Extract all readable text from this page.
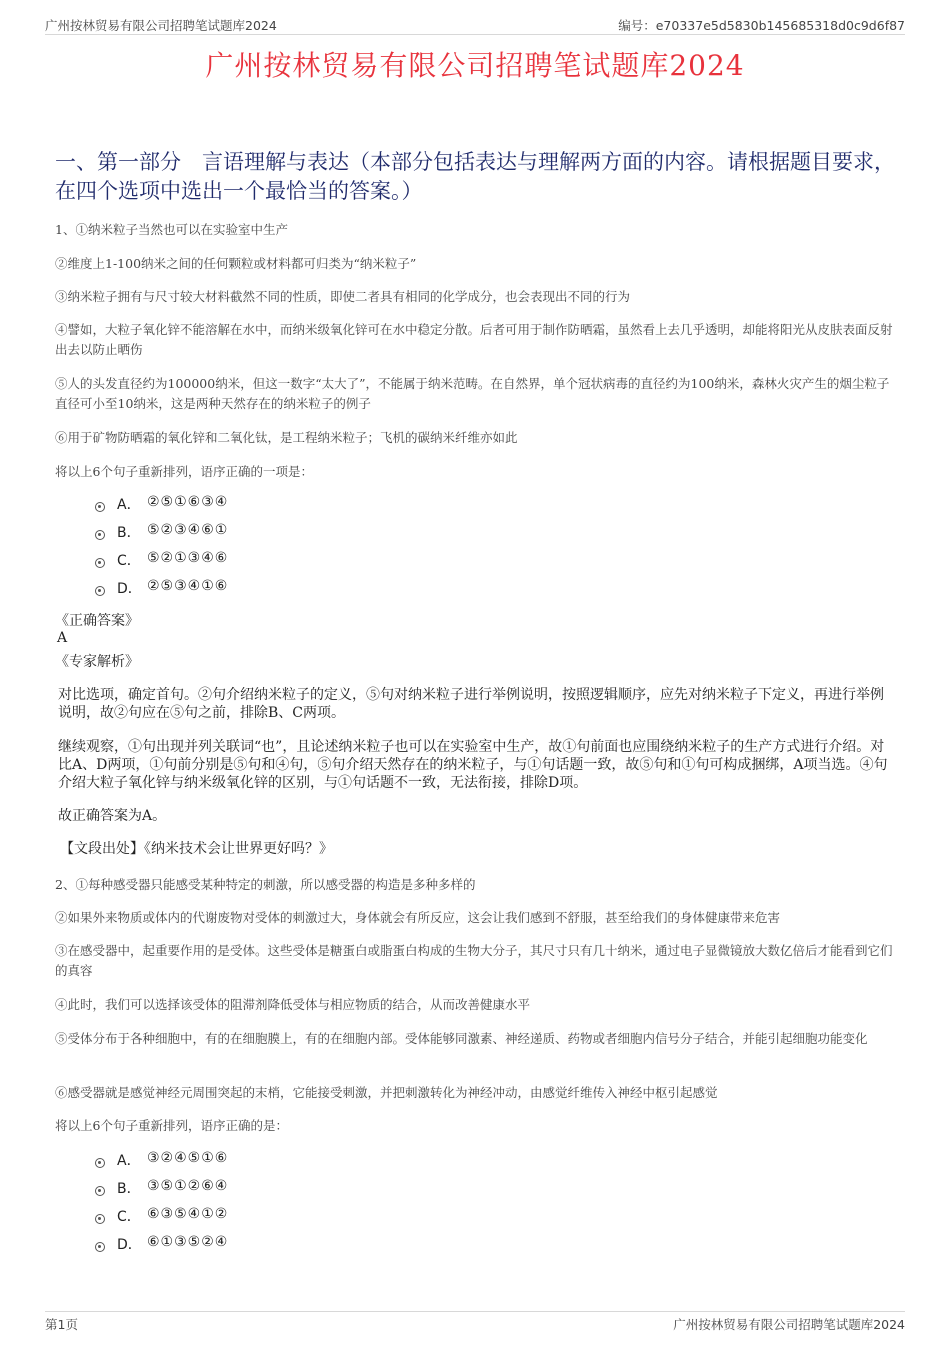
广州按林贸易有限公司招聘笔试题库2024	编号：e70337e5d5830b145685318d0c9d6f87
广州按林贸易有限公司招聘笔试题库2024
一、第一部分　言语理解与表达（本部分包括表达与理解两方面的内容。请根据题目要求，在四个选项中选出一个最恰当的答案。）
1、①纳米粒子当然也可以在实验室中生产
②维度上1-100纳米之间的任何颗粒或材料都可归类为“纳米粒子”
③纳米粒子拥有与尺寸较大材料截然不同的性质，即使二者具有相同的化学成分，也会表现出不同的行为
④譬如，大粒子氧化锌不能溶解在水中，而纳米级氧化锌可在水中稳定分散。后者可用于制作防晒霜，虽然看上去几乎透明，却能将阳光从皮肤表面反射出去以防止晒伤
⑤人的头发直径约为100000纳米，但这一数字“太大了”，不能属于纳米范畴。在自然界，单个冠状病毒的直径约为100纳米，森林火灾产生的烟尘粒子直径可小至10纳米，这是两种天然存在的纳米粒子的例子
⑥用于矿物防晒霜的氧化锌和二氧化钛，是工程纳米粒子；飞机的碳纳米纤维亦如此
将以上6个句子重新排列，语序正确的一项是：
A． ②⑤①⑥③④
B． ⑤②③④⑥①
C． ⑤②①③④⑥
D． ②⑤③④①⑥
《正确答案》
A
《专家解析》
对比选项，确定首句。②句介绍纳米粒子的定义，⑤句对纳米粒子进行举例说明，按照逻辑顺序，应先对纳米粒子下定义，再进行举例说明，故②句应在⑤句之前，排除B、C两项。
继续观察，①句出现并列关联词“也”，且论述纳米粒子也可以在实验室中生产，故①句前面也应围绕纳米粒子的生产方式进行介绍。对比A、D两项，①句前分别是⑤句和④句，⑤句介绍天然存在的纳米粒子，与①句话题一致，故⑤句和①句可构成捆绑，A项当选。④句介绍大粒子氧化锌与纳米级氧化锌的区别，与①句话题不一致，无法衔接，排除D项。
故正确答案为A。
【文段出处】《纳米技术会让世界更好吗？》
2、①每种感受器只能感受某种特定的刺激，所以感受器的构造是多种多样的
②如果外来物质或体内的代谢废物对受体的刺激过大，身体就会有所反应，这会让我们感到不舒服，甚至给我们的身体健康带来危害
③在感受器中，起重要作用的是受体。这些受体是糖蛋白或脂蛋白构成的生物大分子，其尺寸只有几十纳米，通过电子显微镜放大数亿倍后才能看到它们的真容
④此时，我们可以选择该受体的阻滞剂降低受体与相应物质的结合，从而改善健康水平
⑤受体分布于各种细胞中，有的在细胞膜上，有的在细胞内部。受体能够同激素、神经递质、药物或者细胞内信号分子结合，并能引起细胞功能变化
⑥感受器就是感觉神经元周围突起的末梢，它能接受刺激，并把刺激转化为神经冲动，由感觉纤维传入神经中枢引起感觉
将以上6个句子重新排列，语序正确的是：
A． ③②④⑤①⑥
B． ③⑤①②⑥④
C． ⑥③⑤④①②
D． ⑥①③⑤②④
第1页	广州按林贸易有限公司招聘笔试题库2024
